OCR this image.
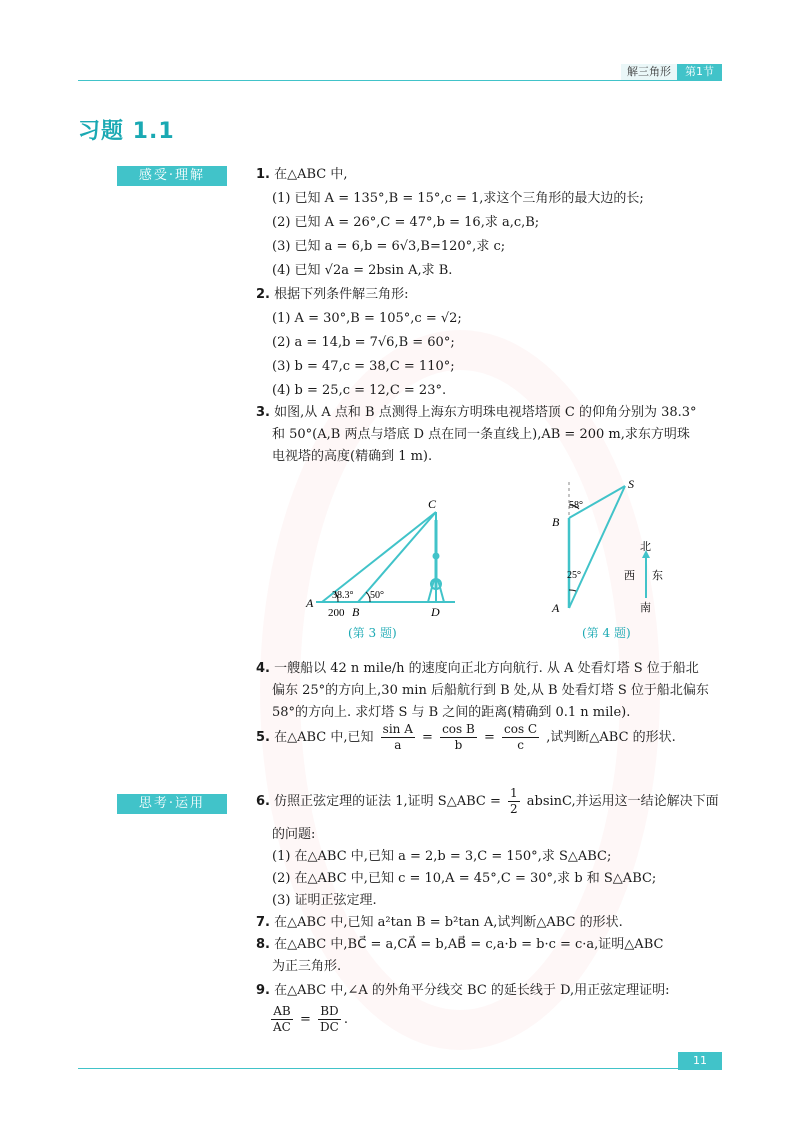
解三角形	第1节
习题 1.1
感受·理解	1. 在△ABC 中,
(1) 已知 A = 135°,B = 15°,c = 1,求这个三角形的最大边的长;
(2) 已知 A = 26°,C = 47°,b = 16,求 a,c,B;
(3) 已知 a = 6,b = 6√3,B=120°,求 c;
(4) 已知 √2a = 2bsin A,求 B.
2. 根据下列条件解三角形:
(1) A = 30°,B = 105°,c = √2;
(2) a = 14,b = 7√6,B = 60°;
(3) b = 47,c = 38,C = 110°;
(4) b = 25,c = 12,C = 23°.
3. 如图,从 A 点和 B 点测得上海东方明珠电视塔塔顶 C 的仰角分别为 38.3°
和 50°(A,B 两点与塔底 D 点在同一条直线上),AB = 200 m,求东方明珠
电视塔的高度(精确到 1 m).
C
A
B	D
38.3° 50°
200
(第 3 题)
S
B
A
58°
25°
北
西 东
南
(第 4 题)
4. 一艘船以 42 n mile/h 的速度向正北方向航行. 从 A 处看灯塔 S 位于船北
偏东 25°的方向上,30 min 后船航行到 B 处,从 B 处看灯塔 S 位于船北偏东
58°的方向上. 求灯塔 S 与 B 之间的距离(精确到 0.1 n mile).
5. 在△ABC 中,已知 $\frac{\text{sin A}}{a} = \frac{\text{cos B}}{b} = \frac{\text{cos C}}{c}$ ,试判断△ABC 的形状.
思考·运用	6. 仿照正弦定理的证法 1,证明 S△ABC = $\frac{1}{2} absinC$,并运用这一结论解决下面
的问题:
(1) 在△ABC 中,已知 a = 2,b = 3,C = 150°,求 S△ABC;
(2) 在△ABC 中,已知 c = 10,A = 45°,C = 30°,求 b 和 S△ABC;
(3) 证明正弦定理.
7. 在△ABC 中,已知 a²tan B = b²tan A,试判断△ABC 的形状.
8. 在△ABC 中,BC⃗ = a,CA⃗ = b,AB⃗ = c,a·b = b·c = c·a,证明△ABC
为正三角形.
9. 在△ABC 中,∠A 的外角平分线交 BC 的延长线于 D,用正弦定理证明:
$\frac{AB}{AC} = \frac{BD}{DC}$ .
11
